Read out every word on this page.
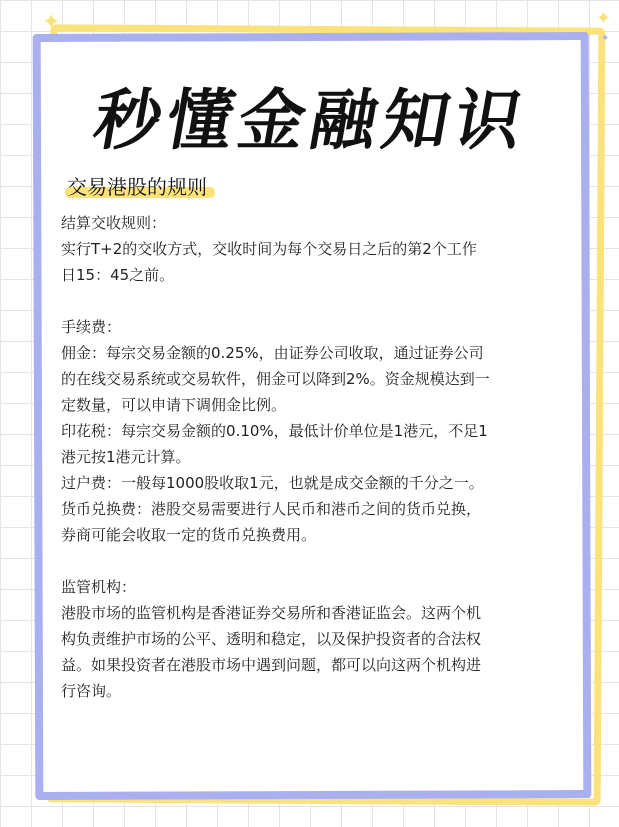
✦	✦
✦
秒懂金融知识

交易港股的规则

结算交收规则：

实行T+2的交收方式，交收时间为每个交易日之后的第2个工作

日15：45之前。

手续费：

佣金：每宗交易金额的0.25%，由证券公司收取，通过证券公司

的在线交易系统或交易软件，佣金可以降到2%。资金规模达到一

定数量，可以申请下调佣金比例。

印花税：每宗交易金额的0.10%，最低计价单位是1港元，不足1

港元按1港元计算。

过户费：一般每1000股收取1元，也就是成交金额的千分之一。

货币兑换费：港股交易需要进行人民币和港币之间的货币兑换，

券商可能会收取一定的货币兑换费用。

监管机构：

港股市场的监管机构是香港证券交易所和香港证监会。这两个机

构负责维护市场的公平、透明和稳定，以及保护投资者的合法权

益。如果投资者在港股市场中遇到问题，都可以向这两个机构进

行咨询。
